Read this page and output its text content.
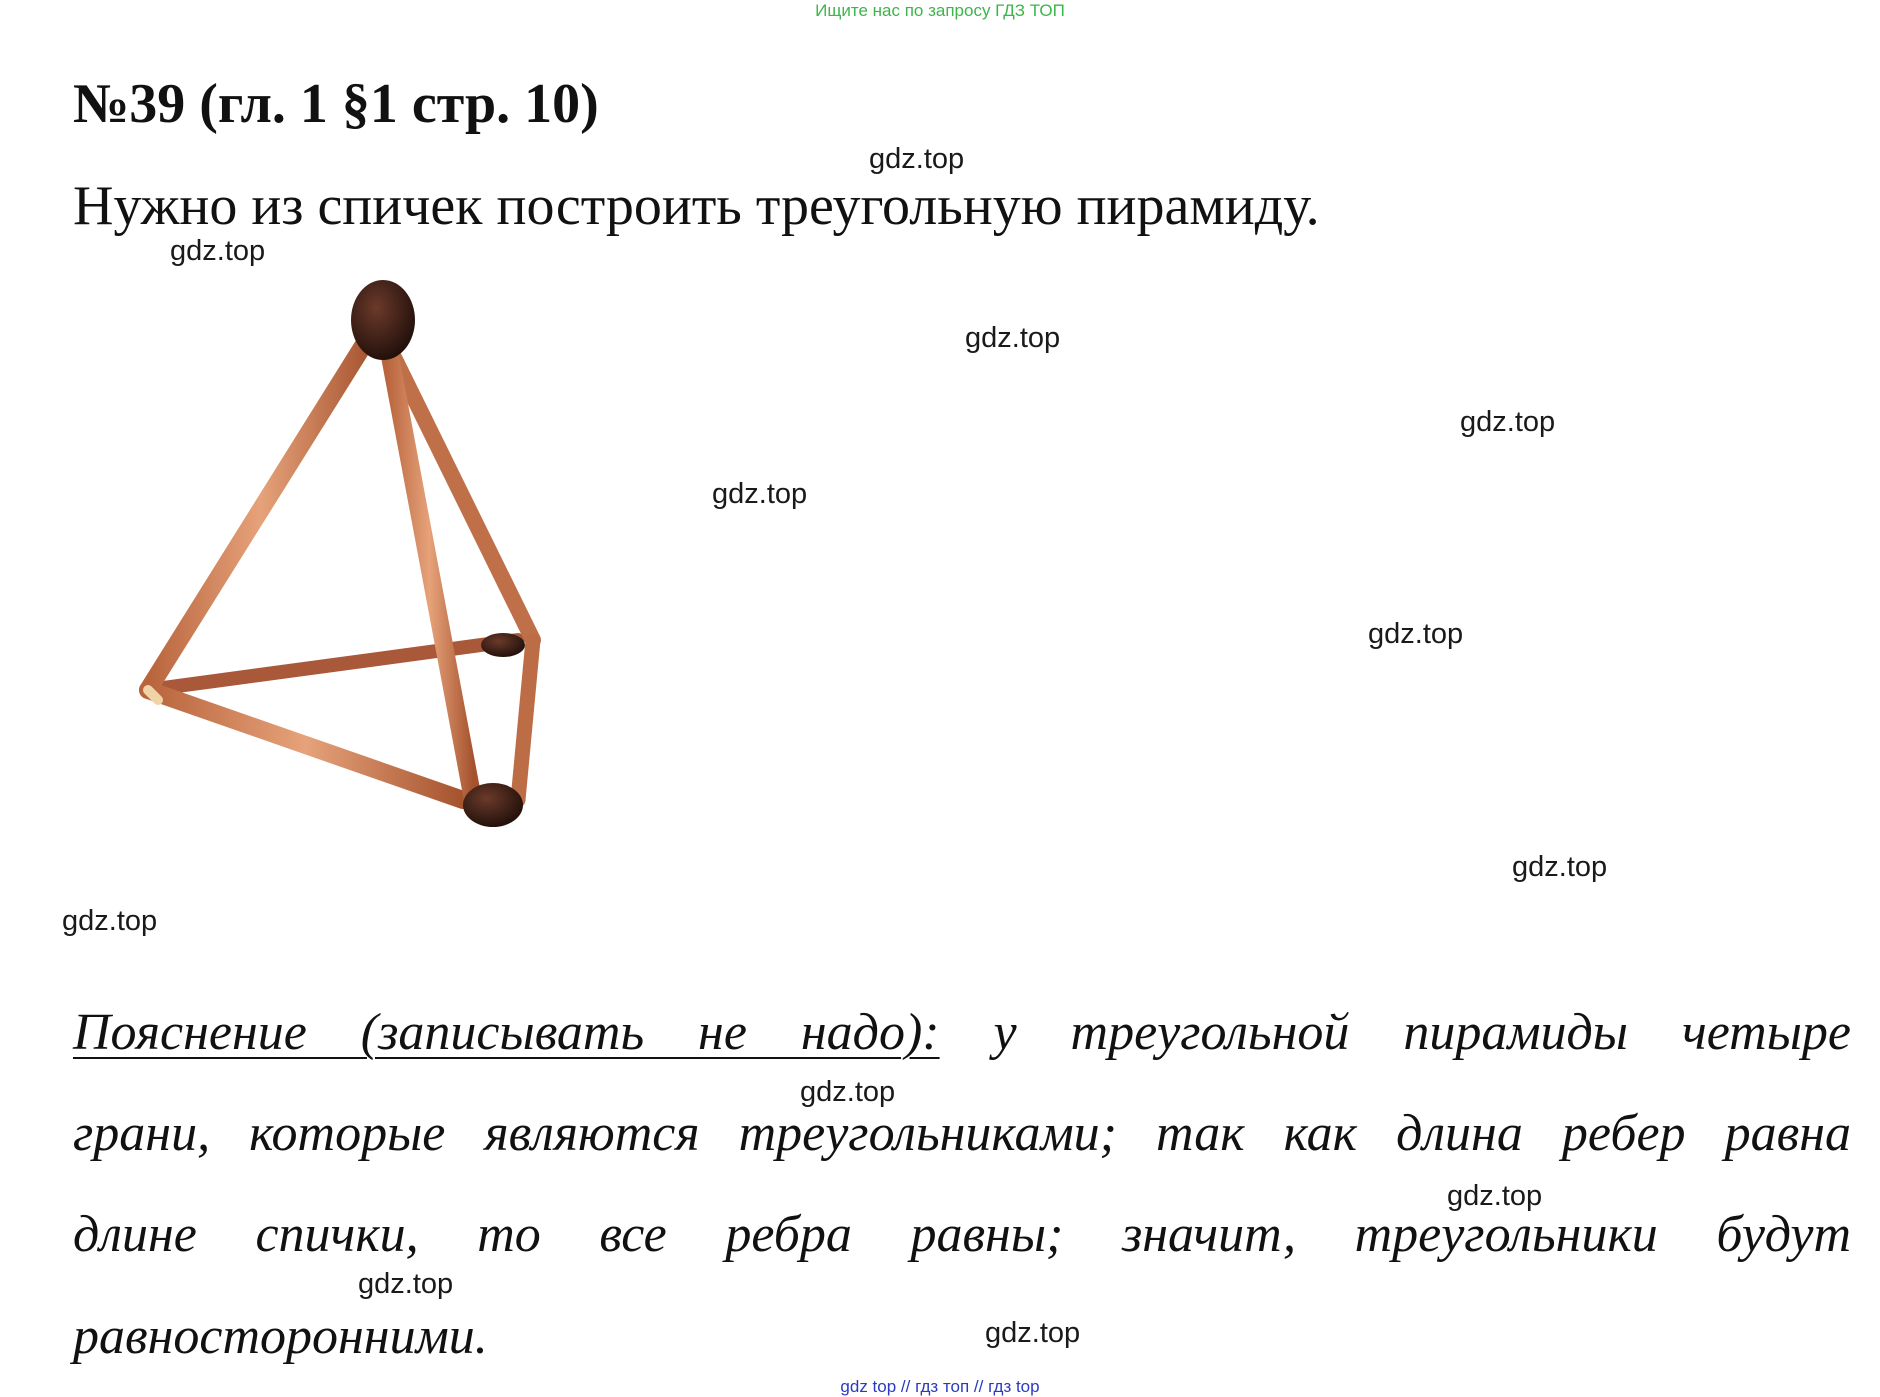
Ищите нас по запросу ГДЗ ТОП
№39 (гл. 1 §1 стр. 10)
Нужно из спичек построить треугольную пирамиду.
gdz.top
gdz.top
gdz.top
gdz.top
gdz.top
gdz.top
gdz.top
gdz.top
gdz.top
gdz.top
gdz.top
gdz.top
Пояснение (записывать не надо): у треугольной пирамиды четыре
грани, которые являются треугольниками; так как длина ребер равна
длине спички, то все ребра равны; значит, треугольники будут
равносторонними.
gdz top // гдз топ // гдз top
